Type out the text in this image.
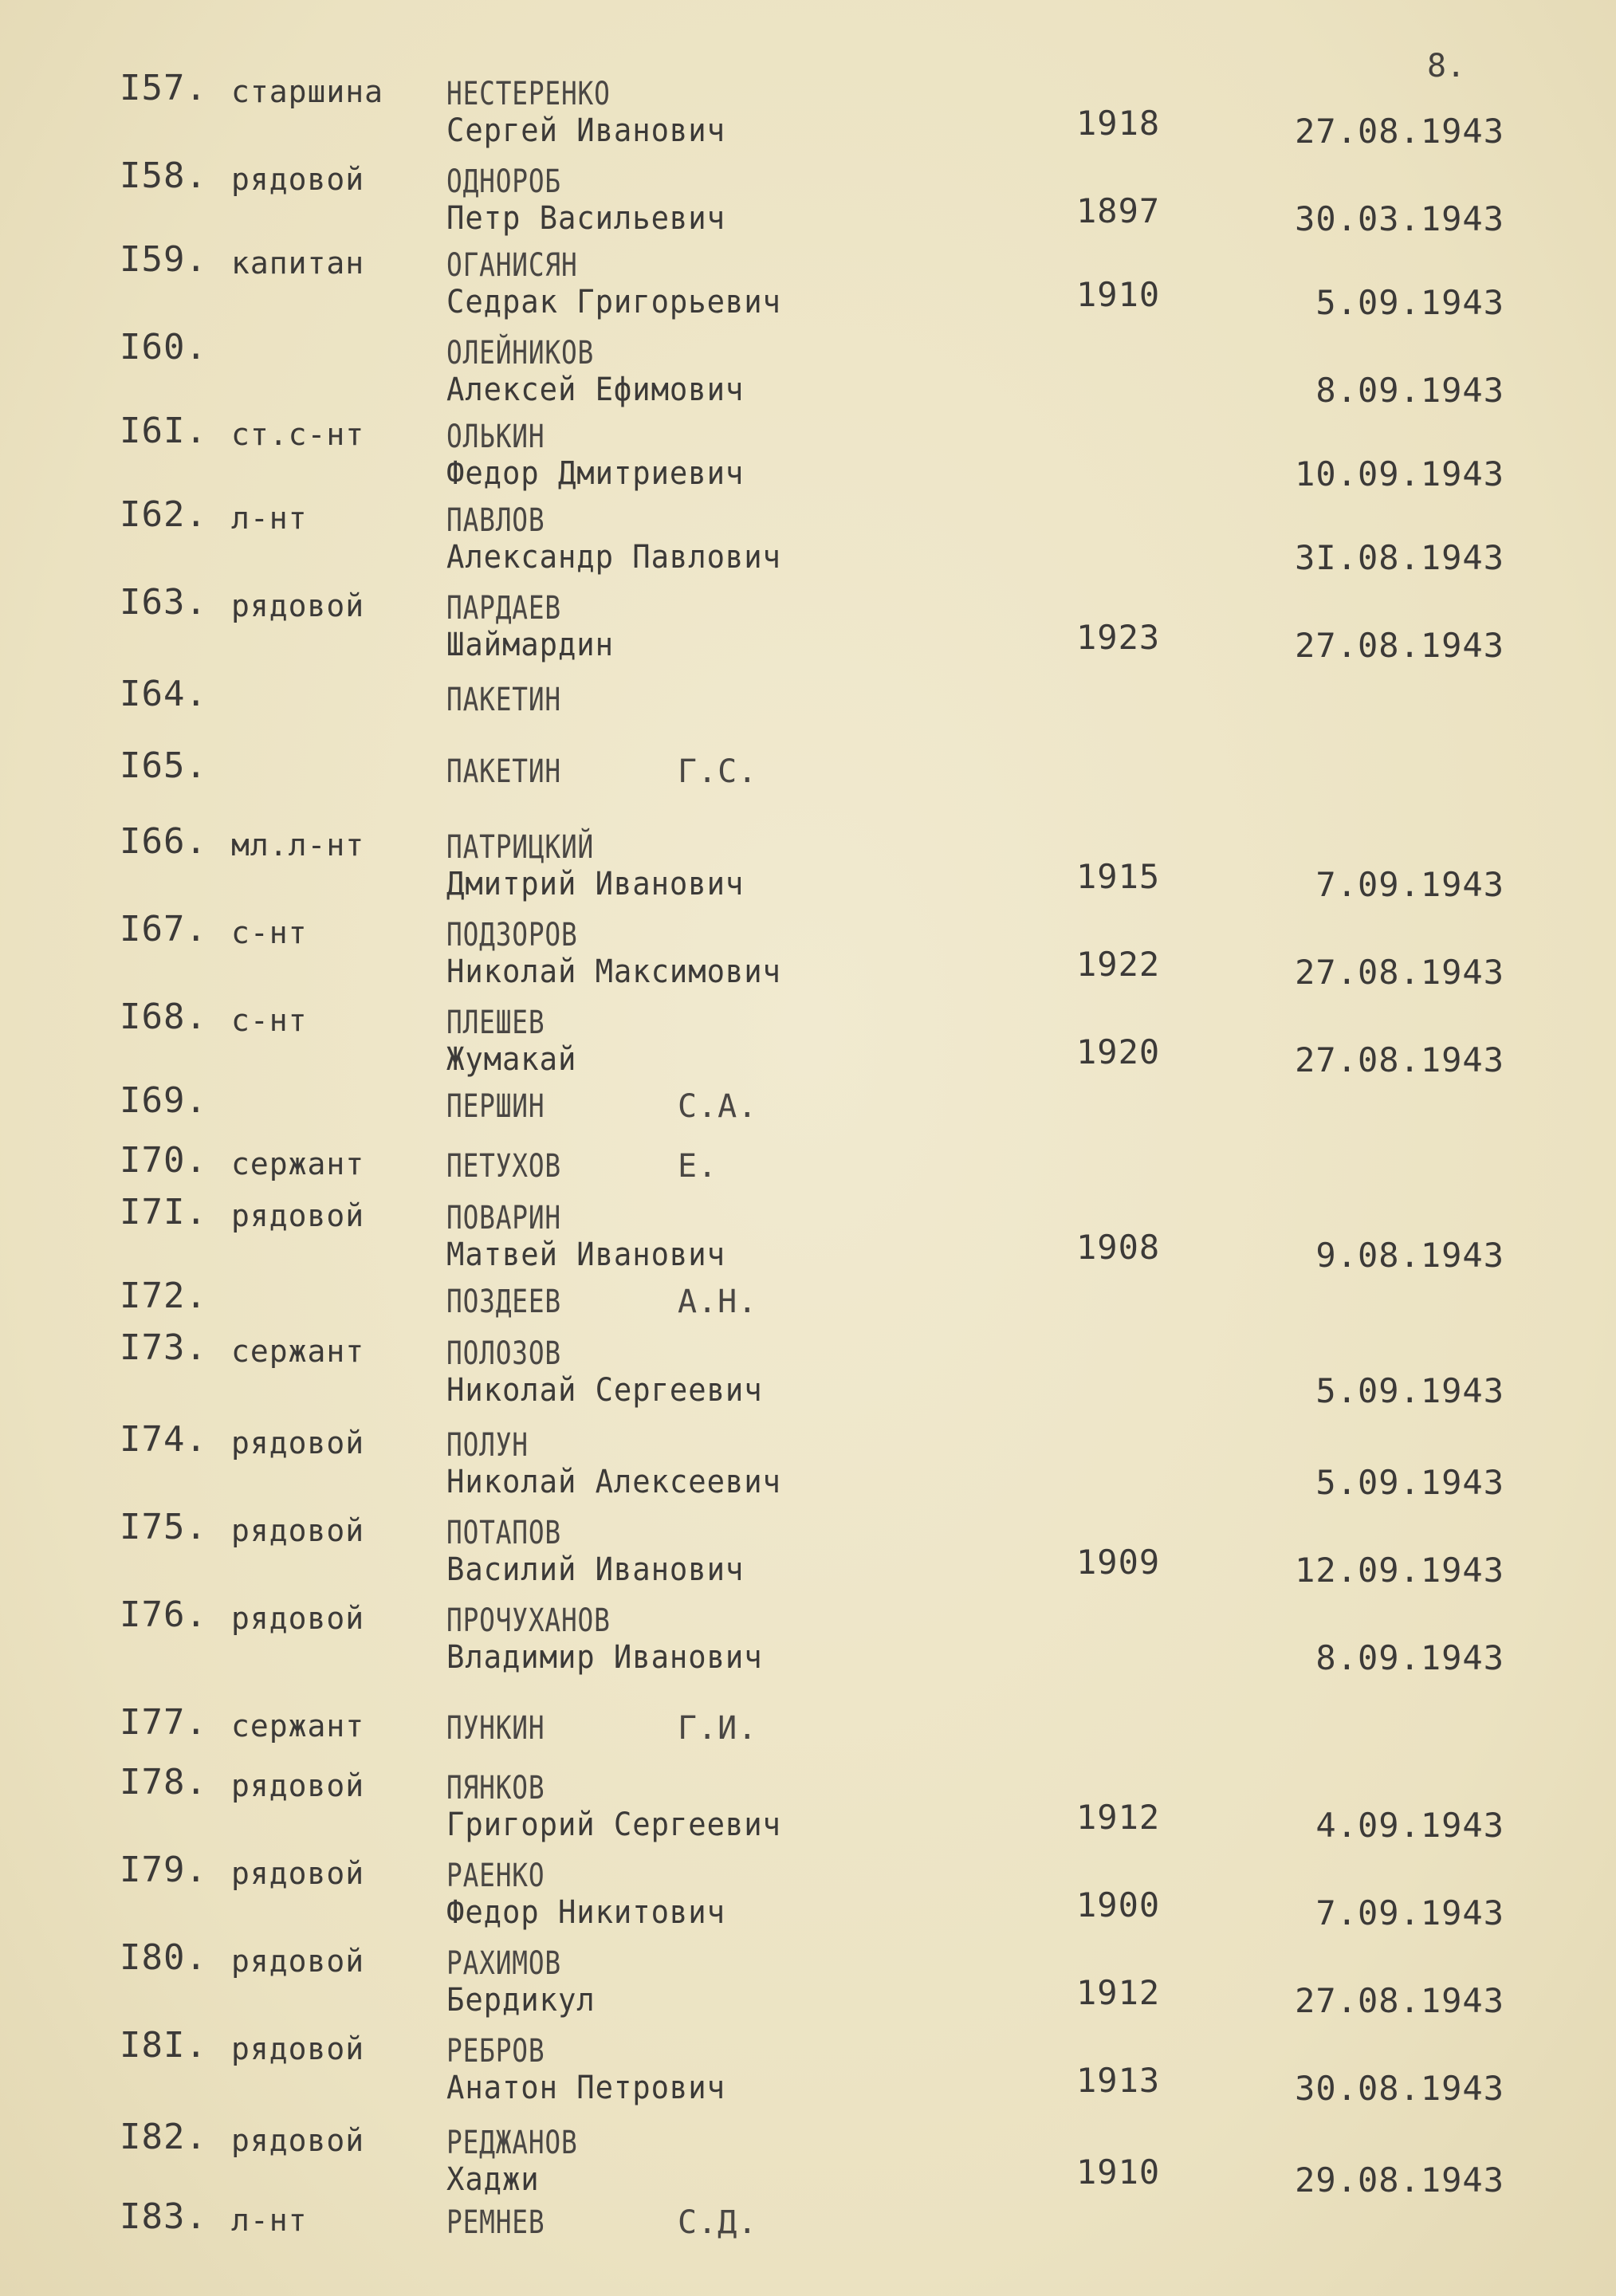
8.
I57. старшина НЕСТЕРЕНКО
Сергей Иванович	1918	27.08.1943
I58. рядовой	ОДНОРОБ
Петр Васильевич	1897	30.03.1943
I59. капитан	ОГАНИСЯН
Седрак Григорьевич	1910	5.09.1943
I60.	ОЛЕЙНИКОВ
Алексей Ефимович	8.09.1943
I6I. ст.с-нт	ОЛЬКИН
Федор Дмитриевич	10.09.1943
I62. л-нт	ПАВЛОВ
Александр Павлович	3I.08.1943
I63. рядовой	ПАРДАЕВ
Шаймардин	1923	27.08.1943
I64.	ПАКЕТИН
I65.	ПАКЕТИН	Г.С.
I66. мл.л-нт	ПАТРИЦКИЙ
Дмитрий Иванович	1915	7.09.1943
I67. с-нт	ПОДЗОРОВ
Николай Максимович	1922	27.08.1943
I68. с-нт	ПЛЕШЕВ
Жумакай	1920	27.08.1943
I69.	ПЕРШИН	С.А.
I70. сержант	ПЕТУХОВ	Е.
I7I. рядовой	ПОВАРИН
Матвей Иванович	1908	9.08.1943
I72.	ПОЗДЕЕВ	А.Н.
I73. сержант	ПОЛОЗОВ
Николай Сергеевич	5.09.1943
I74. рядовой	ПОЛУН
Николай Алексеевич	5.09.1943
I75. рядовой	ПОТАПОВ
Василий Иванович	1909	12.09.1943
I76. рядовой	ПРОЧУХАНОВ
Владимир Иванович	8.09.1943
I77. сержант	ПУНКИН	Г.И.
I78. рядовой	ПЯНКОВ
Григорий Сергеевич	1912	4.09.1943
I79. рядовой	РАЕНКО
Федор Никитович	1900	7.09.1943
I80. рядовой	РАХИМОВ
Бердикул	1912	27.08.1943
I8I. рядовой	РЕБРОВ
Анатон Петрович	1913	30.08.1943
I82. рядовой	РЕДЖАНОВ
Хаджи	1910	29.08.1943
I83. л-нт	РЕМНЕВ	С.Д.
